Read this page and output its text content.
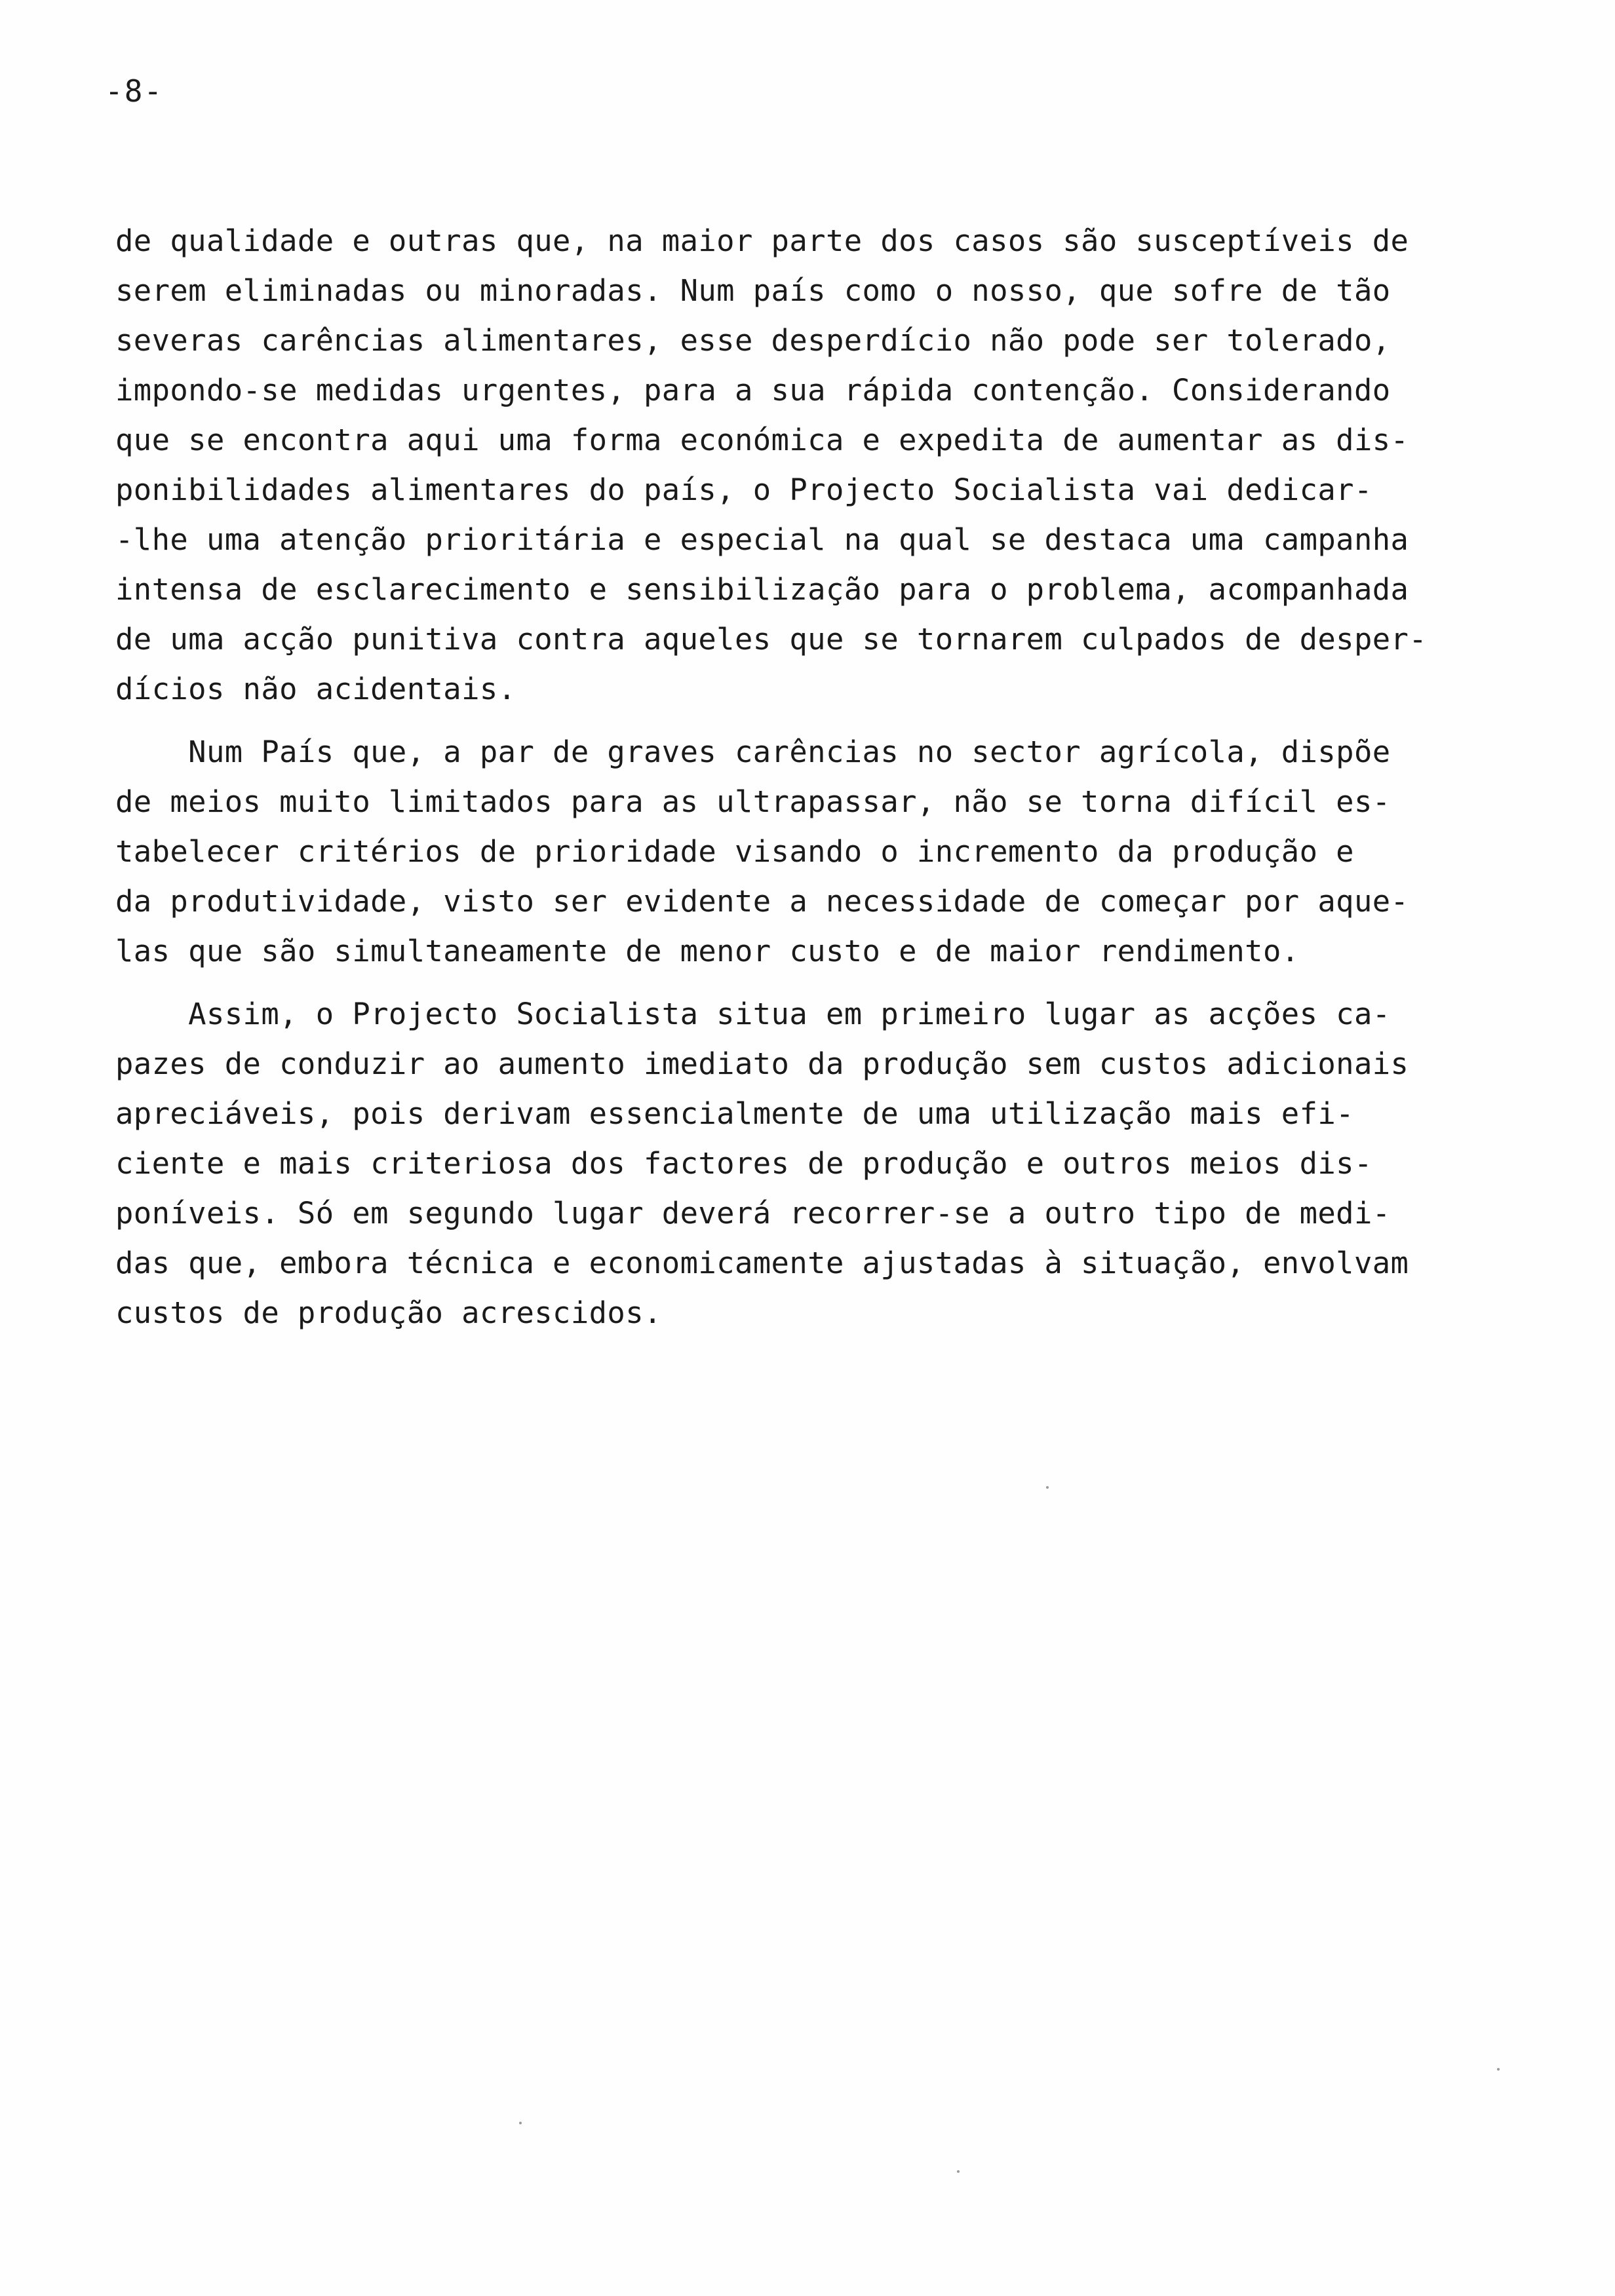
-8-
de qualidade e outras que, na maior parte dos casos são susceptíveis de
serem eliminadas ou minoradas. Num país como o nosso, que sofre de tão
severas carências alimentares, esse desperdício não pode ser tolerado,
impondo-se medidas urgentes, para a sua rápida contenção. Considerando
que se encontra aqui uma forma económica e expedita de aumentar as dis-
ponibilidades alimentares do país, o Projecto Socialista vai dedicar-
-lhe uma atenção prioritária e especial na qual se destaca uma campanha
intensa de esclarecimento e sensibilização para o problema, acompanhada
de uma acção punitiva contra aqueles que se tornarem culpados de desper-
dícios não acidentais.
Num País que, a par de graves carências no sector agrícola, dispõe
de meios muito limitados para as ultrapassar, não se torna difícil es-
tabelecer critérios de prioridade visando o incremento da produção e
da produtividade, visto ser evidente a necessidade de começar por aque-
las que são simultaneamente de menor custo e de maior rendimento.
Assim, o Projecto Socialista situa em primeiro lugar as acções ca-
pazes de conduzir ao aumento imediato da produção sem custos adicionais
apreciáveis, pois derivam essencialmente de uma utilização mais efi-
ciente e mais criteriosa dos factores de produção e outros meios dis-
poníveis. Só em segundo lugar deverá recorrer-se a outro tipo de medi-
das que, embora técnica e economicamente ajustadas à situação, envolvam
custos de produção acrescidos.
